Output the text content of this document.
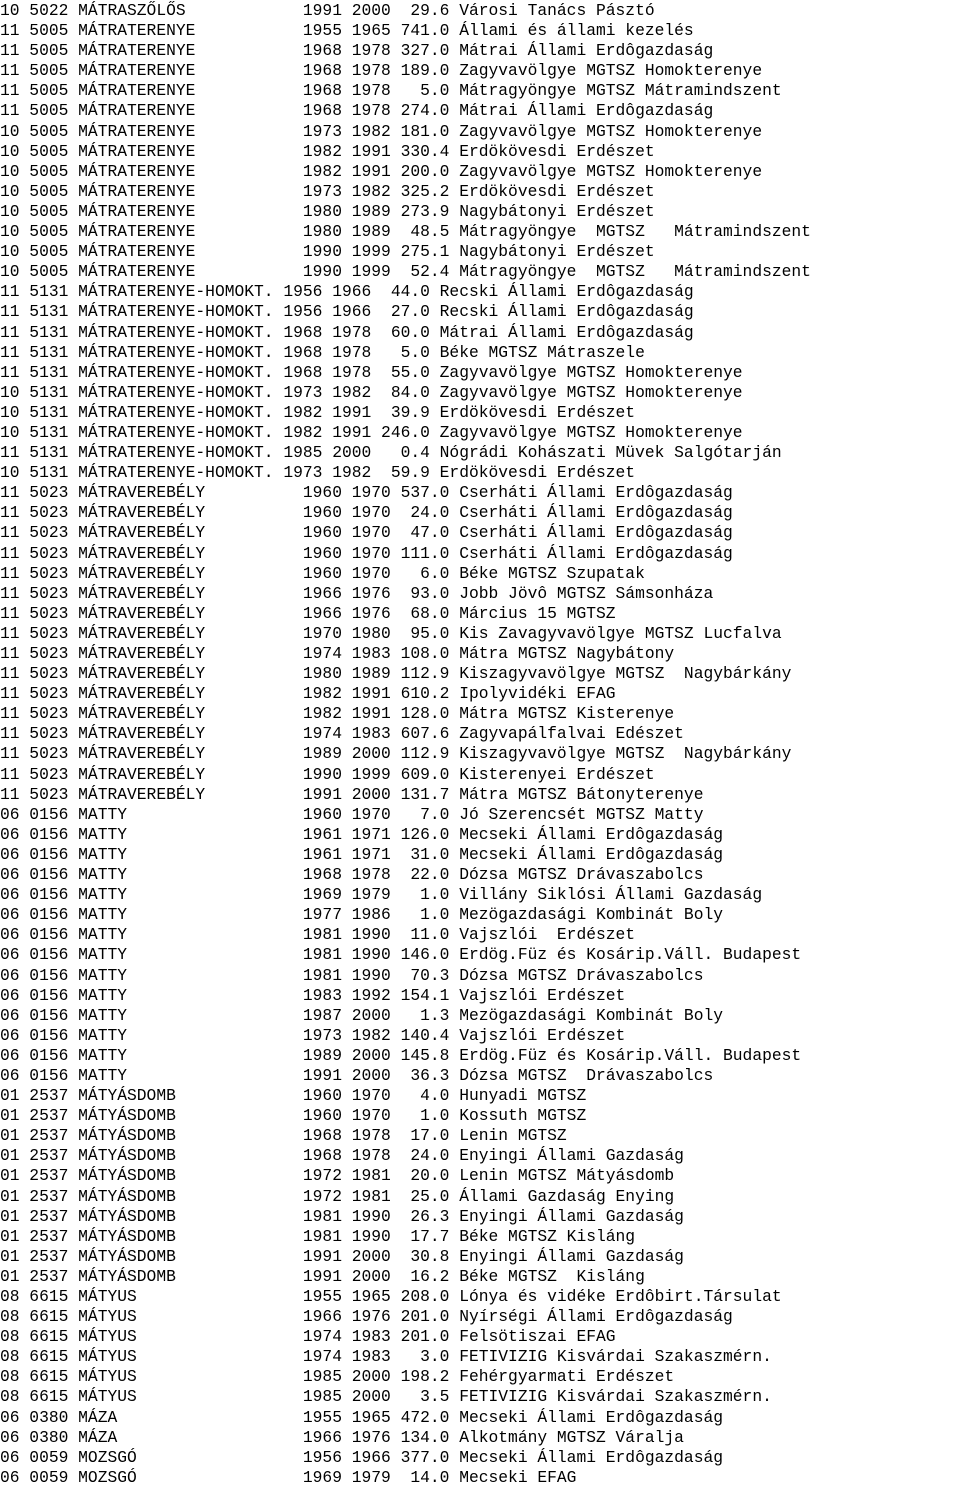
10 5022 MÁTRASZŐLŐS            1991 2000  29.6 Városi Tanács Pásztó
11 5005 MÁTRATERENYE           1955 1965 741.0 Állami és állami kezelés
11 5005 MÁTRATERENYE           1968 1978 327.0 Mátrai Állami Erdôgazdaság
11 5005 MÁTRATERENYE           1968 1978 189.0 Zagyvavölgye MGTSZ Homokterenye
11 5005 MÁTRATERENYE           1968 1978   5.0 Mátragyöngye MGTSZ Mátramindszent
11 5005 MÁTRATERENYE           1968 1978 274.0 Mátrai Állami Erdôgazdaság
10 5005 MÁTRATERENYE           1973 1982 181.0 Zagyvavölgye MGTSZ Homokterenye
10 5005 MÁTRATERENYE           1982 1991 330.4 Erdökövesdi Erdészet
10 5005 MÁTRATERENYE           1982 1991 200.0 Zagyvavölgye MGTSZ Homokterenye
10 5005 MÁTRATERENYE           1973 1982 325.2 Erdökövesdi Erdészet
10 5005 MÁTRATERENYE           1980 1989 273.9 Nagybátonyi Erdészet
10 5005 MÁTRATERENYE           1980 1989  48.5 Mátragyöngye  MGTSZ   Mátramindszent
10 5005 MÁTRATERENYE           1990 1999 275.1 Nagybátonyi Erdészet
10 5005 MÁTRATERENYE           1990 1999  52.4 Mátragyöngye  MGTSZ   Mátramindszent
11 5131 MÁTRATERENYE-HOMOKT. 1956 1966  44.0 Recski Állami Erdôgazdaság
11 5131 MÁTRATERENYE-HOMOKT. 1956 1966  27.0 Recski Állami Erdôgazdaság
11 5131 MÁTRATERENYE-HOMOKT. 1968 1978  60.0 Mátrai Állami Erdôgazdaság
11 5131 MÁTRATERENYE-HOMOKT. 1968 1978   5.0 Béke MGTSZ Mátraszele
11 5131 MÁTRATERENYE-HOMOKT. 1968 1978  55.0 Zagyvavölgye MGTSZ Homokterenye
10 5131 MÁTRATERENYE-HOMOKT. 1973 1982  84.0 Zagyvavölgye MGTSZ Homokterenye
10 5131 MÁTRATERENYE-HOMOKT. 1982 1991  39.9 Erdökövesdi Erdészet
10 5131 MÁTRATERENYE-HOMOKT. 1982 1991 246.0 Zagyvavölgye MGTSZ Homokterenye
11 5131 MÁTRATERENYE-HOMOKT. 1985 2000   0.4 Nógrádi Kohászati Müvek Salgótarján
10 5131 MÁTRATERENYE-HOMOKT. 1973 1982  59.9 Erdökövesdi Erdészet
11 5023 MÁTRAVEREBÉLY          1960 1970 537.0 Cserháti Állami Erdôgazdaság
11 5023 MÁTRAVEREBÉLY          1960 1970  24.0 Cserháti Állami Erdôgazdaság
11 5023 MÁTRAVEREBÉLY          1960 1970  47.0 Cserháti Állami Erdôgazdaság
11 5023 MÁTRAVEREBÉLY          1960 1970 111.0 Cserháti Állami Erdôgazdaság
11 5023 MÁTRAVEREBÉLY          1960 1970   6.0 Béke MGTSZ Szupatak
11 5023 MÁTRAVEREBÉLY          1966 1976  93.0 Jobb Jövô MGTSZ Sámsonháza
11 5023 MÁTRAVEREBÉLY          1966 1976  68.0 Március 15 MGTSZ
11 5023 MÁTRAVEREBÉLY          1970 1980  95.0 Kis Zavagyvavölgye MGTSZ Lucfalva
11 5023 MÁTRAVEREBÉLY          1974 1983 108.0 Mátra MGTSZ Nagybátony
11 5023 MÁTRAVEREBÉLY          1980 1989 112.9 Kiszagyvavölgye MGTSZ  Nagybárkány
11 5023 MÁTRAVEREBÉLY          1982 1991 610.2 Ipolyvidéki EFAG
11 5023 MÁTRAVEREBÉLY          1982 1991 128.0 Mátra MGTSZ Kisterenye
11 5023 MÁTRAVEREBÉLY          1974 1983 607.6 Zagyvapálfalvai Edészet
11 5023 MÁTRAVEREBÉLY          1989 2000 112.9 Kiszagyvavölgye MGTSZ  Nagybárkány
11 5023 MÁTRAVEREBÉLY          1990 1999 609.0 Kisterenyei Erdészet
11 5023 MÁTRAVEREBÉLY          1991 2000 131.7 Mátra MGTSZ Bátonyterenye
06 0156 MATTY                  1960 1970   7.0 Jó Szerencsét MGTSZ Matty
06 0156 MATTY                  1961 1971 126.0 Mecseki Állami Erdôgazdaság
06 0156 MATTY                  1961 1971  31.0 Mecseki Állami Erdôgazdaság
06 0156 MATTY                  1968 1978  22.0 Dózsa MGTSZ Drávaszabolcs
06 0156 MATTY                  1969 1979   1.0 Villány Siklósi Állami Gazdaság
06 0156 MATTY                  1977 1986   1.0 Mezögazdasági Kombinát Boly
06 0156 MATTY                  1981 1990  11.0 Vajszlói  Erdészet
06 0156 MATTY                  1981 1990 146.0 Erdög.Füz és Kosárip.Váll. Budapest
06 0156 MATTY                  1981 1990  70.3 Dózsa MGTSZ Drávaszabolcs
06 0156 MATTY                  1983 1992 154.1 Vajszlói Erdészet
06 0156 MATTY                  1987 2000   1.3 Mezögazdasági Kombinát Boly
06 0156 MATTY                  1973 1982 140.4 Vajszlói Erdészet
06 0156 MATTY                  1989 2000 145.8 Erdög.Füz és Kosárip.Váll. Budapest
06 0156 MATTY                  1991 2000  36.3 Dózsa MGTSZ  Drávaszabolcs
01 2537 MÁTYÁSDOMB             1960 1970   4.0 Hunyadi MGTSZ
01 2537 MÁTYÁSDOMB             1960 1970   1.0 Kossuth MGTSZ
01 2537 MÁTYÁSDOMB             1968 1978  17.0 Lenin MGTSZ
01 2537 MÁTYÁSDOMB             1968 1978  24.0 Enyingi Állami Gazdaság
01 2537 MÁTYÁSDOMB             1972 1981  20.0 Lenin MGTSZ Mátyásdomb
01 2537 MÁTYÁSDOMB             1972 1981  25.0 Állami Gazdaság Enying
01 2537 MÁTYÁSDOMB             1981 1990  26.3 Enyingi Állami Gazdaság
01 2537 MÁTYÁSDOMB             1981 1990  17.7 Béke MGTSZ Kisláng
01 2537 MÁTYÁSDOMB             1991 2000  30.8 Enyingi Állami Gazdaság
01 2537 MÁTYÁSDOMB             1991 2000  16.2 Béke MGTSZ  Kisláng
08 6615 MÁTYUS                 1955 1965 208.0 Lónya és vidéke Erdôbirt.Társulat
08 6615 MÁTYUS                 1966 1976 201.0 Nyírségi Állami Erdôgazdaság
08 6615 MÁTYUS                 1974 1983 201.0 Felsötiszai EFAG
08 6615 MÁTYUS                 1974 1983   3.0 FETIVIZIG Kisvárdai Szakaszmérn.
08 6615 MÁTYUS                 1985 2000 198.2 Fehérgyarmati Erdészet
08 6615 MÁTYUS                 1985 2000   3.5 FETIVIZIG Kisvárdai Szakaszmérn.
06 0380 MÁZA                   1955 1965 472.0 Mecseki Állami Erdôgazdaság
06 0380 MÁZA                   1966 1976 134.0 Alkotmány MGTSZ Váralja
06 0059 MOZSGÓ                 1956 1966 377.0 Mecseki Állami Erdôgazdaság
06 0059 MOZSGÓ                 1969 1979  14.0 Mecseki EFAG
